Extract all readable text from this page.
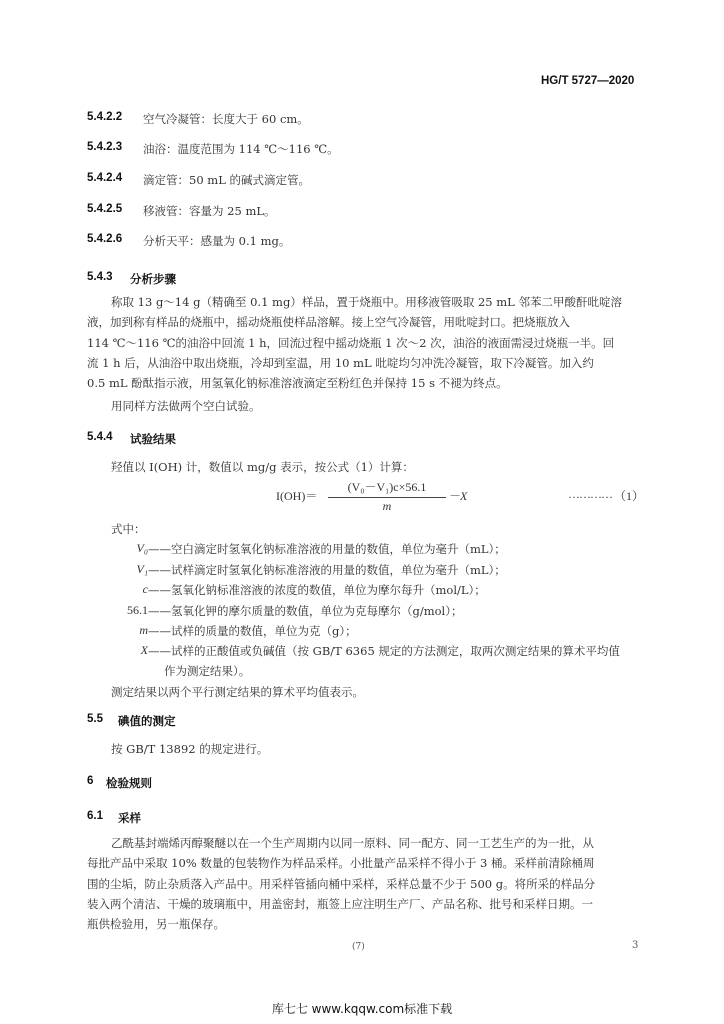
HG/T 5727—2020
5.4.2.2 空气冷凝管：长度大于 60 cm。
5.4.2.3 油浴：温度范围为 114 ℃～116 ℃。
5.4.2.4 滴定管：50 mL 的碱式滴定管。
5.4.2.5 移液管：容量为 25 mL。
5.4.2.6 分析天平：感量为 0.1 mg。
5.4.3 分析步骤

称取 13 g～14 g（精确至 0.1 mg）样品，置于烧瓶中。用移液管吸取 25 mL 邻苯二甲酸酐吡啶溶

液，加到称有样品的烧瓶中，摇动烧瓶使样品溶解。接上空气冷凝管，用吡啶封口。把烧瓶放入

114 ℃～116 ℃的油浴中回流 1 h，回流过程中摇动烧瓶 1 次～2 次，油浴的液面需浸过烧瓶一半。回

流 1 h 后，从油浴中取出烧瓶，冷却到室温，用 10 mL 吡啶均匀冲洗冷凝管，取下冷凝管。加入约

0.5 mL 酚酞指示液，用氢氧化钠标准溶液滴定至粉红色并保持 15 s 不褪为终点。

用同样方法做两个空白试验。
5.4.4 试验结果
羟值以 I(OH) 计，数值以 mg/g 表示，按公式（1）计算：
I(OH)＝
(V₀－V₁)c×56.1
m
－X	………… （1）
式中：
V₀ ——空白滴定时氢氧化钠标准溶液的用量的数值，单位为毫升（mL）；
V₁ ——试样滴定时氢氧化钠标准溶液的用量的数值，单位为毫升（mL）；
c ——氢氧化钠标准溶液的浓度的数值，单位为摩尔每升（mol/L）；
56.1 ——氢氧化钾的摩尔质量的数值，单位为克每摩尔（g/mol）；
m ——试样的质量的数值，单位为克（g）；
X ——试样的正酸值或负碱值（按 GB/T 6365 规定的方法测定，取两次测定结果的算术平均值
作为测定结果）。
测定结果以两个平行测定结果的算术平均值表示。
5.5 碘值的测定
按 GB/T 13892 的规定进行。
6 检验规则
6.1 采样

乙酰基封端烯丙醇聚醚以在一个生产周期内以同一原料、同一配方、同一工艺生产的为一批，从

每批产品中采取 10% 数量的包装物作为样品采样。小批量产品采样不得小于 3 桶。采样前清除桶周

围的尘垢，防止杂质落入产品中。用采样管插向桶中采样，采样总量不少于 500 g。将所采的样品分

装入两个清洁、干燥的玻璃瓶中，用盖密封，瓶签上应注明生产厂、产品名称、批号和采样日期。一

瓶供检验用，另一瓶保存。

(7)	3
库七七 www.kqqw.com标准下载
